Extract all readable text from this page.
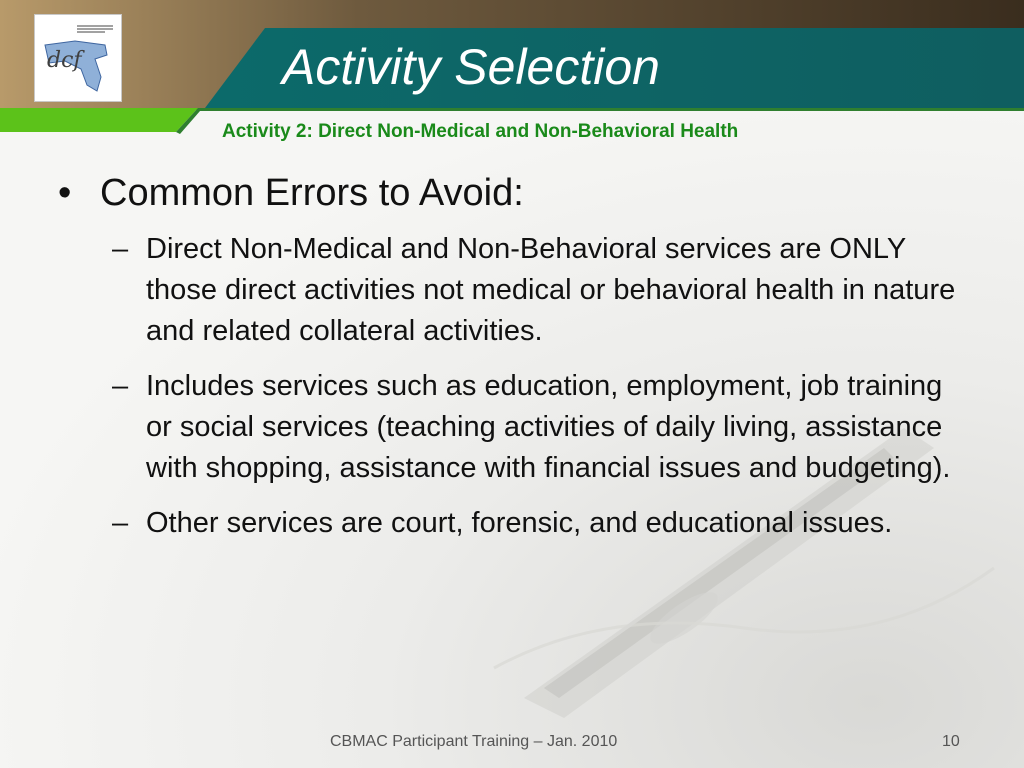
dcf	Activity Selection
Activity 2: Direct Non-Medical and Non-Behavioral Health
• Common Errors to Avoid:
– Direct Non-Medical and Non-Behavioral services are ONLY those direct activities not medical or behavioral health in nature and related collateral activities.
– Includes services such as education, employment, job training or social services (teaching activities of daily living, assistance with shopping, assistance with financial issues and budgeting).
– Other services are court, forensic, and educational issues.
CBMAC Participant Training – Jan. 2010	10
